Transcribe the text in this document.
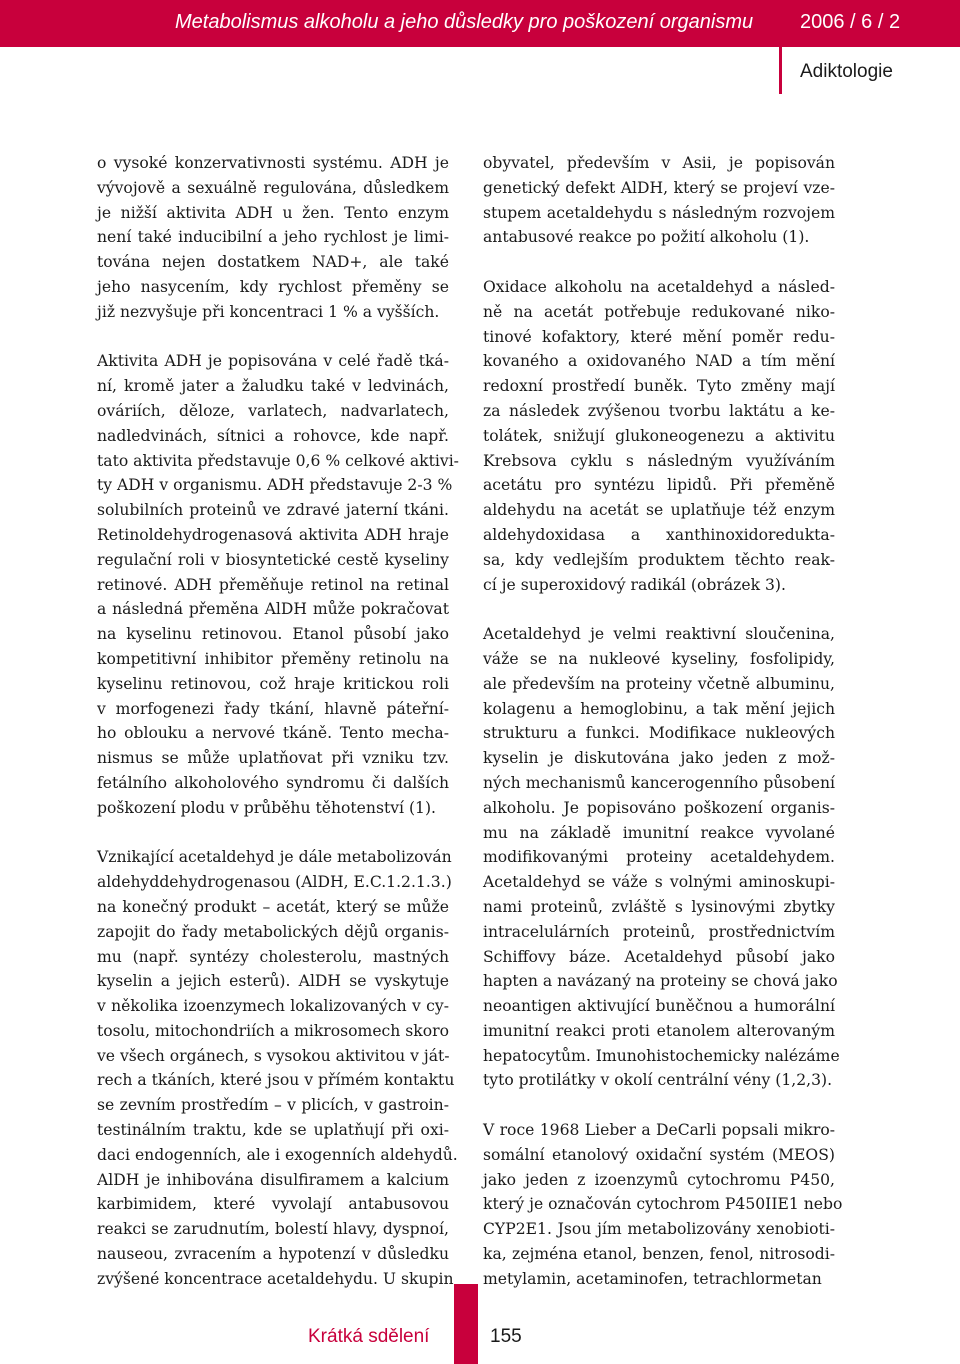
Metabolismus alkoholu a jeho důsledky pro poškození organismu 2006 / 6 / 2
Adiktologie
o vysoké konzervativnosti systému. ADH je
vývojově a sexuálně regulována, důsledkem
je nižší aktivita ADH u žen. Tento enzym
není také inducibilní a jeho rychlost je limi-
tována nejen dostatkem NAD+, ale také
jeho nasycením, kdy rychlost přeměny se
již nezvyšuje při koncentraci 1 % a vyšších.
Aktivita ADH je popisována v celé řadě tká-
ní, kromě jater a žaludku také v ledvinách,
ováriích, děloze, varlatech, nadvarlatech,
nadledvinách, sítnici a rohovce, kde např.
tato aktivita představuje 0,6 % celkové aktivi-
ty ADH v organismu. ADH představuje 2-3 %
solubilních proteinů ve zdravé jaterní tkáni.
Retinoldehydrogenasová aktivita ADH hraje
regulační roli v biosyntetické cestě kyseliny
retinové. ADH přeměňuje retinol na retinal
a následná přeměna AlDH může pokračovat
na kyselinu retinovou. Etanol působí jako
kompetitivní inhibitor přeměny retinolu na
kyselinu retinovou, což hraje kritickou roli
v morfogenezi řady tkání, hlavně páteřní-
ho oblouku a nervové tkáně. Tento mecha-
nismus se může uplatňovat při vzniku tzv.
fetálního alkoholového syndromu či dalších
poškození plodu v průběhu těhotenství (1).
Vznikající acetaldehyd je dále metabolizován
aldehyddehydrogenasou (AlDH, E.C.1.2.1.3.)
na konečný produkt – acetát, který se může
zapojit do řady metabolických dějů organis-
mu (např. syntézy cholesterolu, mastných
kyselin a jejich esterů). AlDH se vyskytuje
v několika izoenzymech lokalizovaných v cy-
tosolu, mitochondriích a mikrosomech skoro
ve všech orgánech, s vysokou aktivitou v ját-
rech a tkáních, které jsou v přímém kontaktu
se zevním prostředím – v plicích, v gastroin-
testinálním traktu, kde se uplatňují při oxi-
daci endogenních, ale i exogenních aldehydů.
AlDH je inhibována disulfiramem a kalcium
karbimidem, které vyvolají antabusovou
reakci se zarudnutím, bolestí hlavy, dyspnoí,
nauseou, zvracením a hypotenzí v důsledku
zvýšené koncentrace acetaldehydu. U skupin
obyvatel, především v Asii, je popisován
genetický defekt AlDH, který se projeví vze-
stupem acetaldehydu s následným rozvojem
antabusové reakce po požití alkoholu (1).
Oxidace alkoholu na acetaldehyd a násled-
ně na acetát potřebuje redukované niko-
tinové kofaktory, které mění poměr redu-
kovaného a oxidovaného NAD a tím mění
redoxní prostředí buněk. Tyto změny mají
za následek zvýšenou tvorbu laktátu a ke-
tolátek, snižují glukoneogenezu a aktivitu
Krebsova cyklu s následným využíváním
acetátu pro syntézu lipidů. Při přeměně
aldehydu na acetát se uplatňuje též enzym
aldehydoxidasa a xanthinoxidoredukta-
sa, kdy vedlejším produktem těchto reak-
cí je superoxidový radikál (obrázek 3).
Acetaldehyd je velmi reaktivní sloučenina,
váže se na nukleové kyseliny, fosfolipidy,
ale především na proteiny včetně albuminu,
kolagenu a hemoglobinu, a tak mění jejich
strukturu a funkci. Modifikace nukleových
kyselin je diskutována jako jeden z mož-
ných mechanismů kancerogenního působení
alkoholu. Je popisováno poškození organis-
mu na základě imunitní reakce vyvolané
modifikovanými proteiny acetaldehydem.
Acetaldehyd se váže s volnými aminoskupi-
nami proteinů, zvláště s lysinovými zbytky
intracelulárních proteinů, prostřednictvím
Schiffovy báze. Acetaldehyd působí jako
hapten a navázaný na proteiny se chová jako
neoantigen aktivující buněčnou a humorální
imunitní reakci proti etanolem alterovaným
hepatocytům. Imunohistochemicky nalézáme
tyto protilátky v okolí centrální vény (1,2,3).
V roce 1968 Lieber a DeCarli popsali mikro-
somální etanolový oxidační systém (MEOS)
jako jeden z izoenzymů cytochromu P450,
který je označován cytochrom P450IIE1 nebo
CYP2E1. Jsou jím metabolizovány xenobioti-
ka, zejména etanol, benzen, fenol, nitrosodi-
metylamin, acetaminofen, tetrachlormetan
Krátká sdělení	155
